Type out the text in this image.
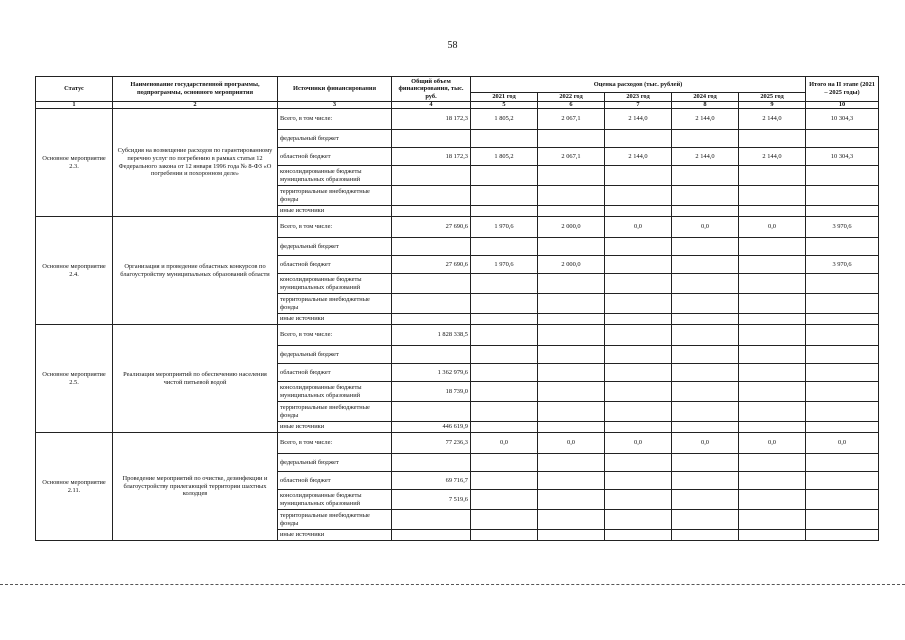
58
Статус	Наименование государственной программы, подпрограммы, основного мероприятия	Источники финансирования	Общий объем финансирования, тыс. руб.	Оценка расходов (тыс. рублей)					Итого на II этапе (2021 – 2025 годы)
				2021 год	2022 год	2023 год	2024 год	2025 год	
1	2	3	4	5	6	7	8	9	10
Основное мероприятие 2.3.	Субсидия на возмещение расходов по гарантированному перечню услуг по погребению в рамках статьи 12 Федерального закона от 12 января 1996 года № 8-ФЗ «О погребении и похоронном деле»	Всего, в том числе:	18 172,3	1 805,2	2 067,1	2 144,0	2 144,0	2 144,0	10 304,3
		федеральный бюджет							
		областной бюджет	18 172,3	1 805,2	2 067,1	2 144,0	2 144,0	2 144,0	10 304,3
		консолидированные бюджеты муниципальных образований							
		территориальные внебюджетные фонды							
		иные источники							
Основное мероприятие 2.4.	Организация и проведение областных конкурсов по благоустройству муниципальных образований области	Всего, в том числе:	27 690,6	1 970,6	2 000,0	0,0	0,0	0,0	3 970,6
		федеральный бюджет							
		областной бюджет	27 690,6	1 970,6	2 000,0				3 970,6
		консолидированные бюджеты муниципальных образований							
		территориальные внебюджетные фонды							
		иные источники							
Основное мероприятие 2.5.	Реализация мероприятий по обеспечению населения чистой питьевой водой	Всего, в том числе:	1 828 338,5						
		федеральный бюджет							
		областной бюджет	1 362 979,6						
		консолидированные бюджеты муниципальных образований	18 739,0						
		территориальные внебюджетные фонды							
		иные источники	446 619,9						
Основное мероприятие 2.11.	Проведение мероприятий по очистке, дезинфекции и благоустройству прилегающей территории шахтных колодцев	Всего, в том числе:	77 236,3	0,0	0,0	0,0	0,0	0,0	0,0
		федеральный бюджет							
		областной бюджет	69 716,7						
		консолидированные бюджеты муниципальных образований	7 519,6						
		территориальные внебюджетные фонды							
		иные источники							
